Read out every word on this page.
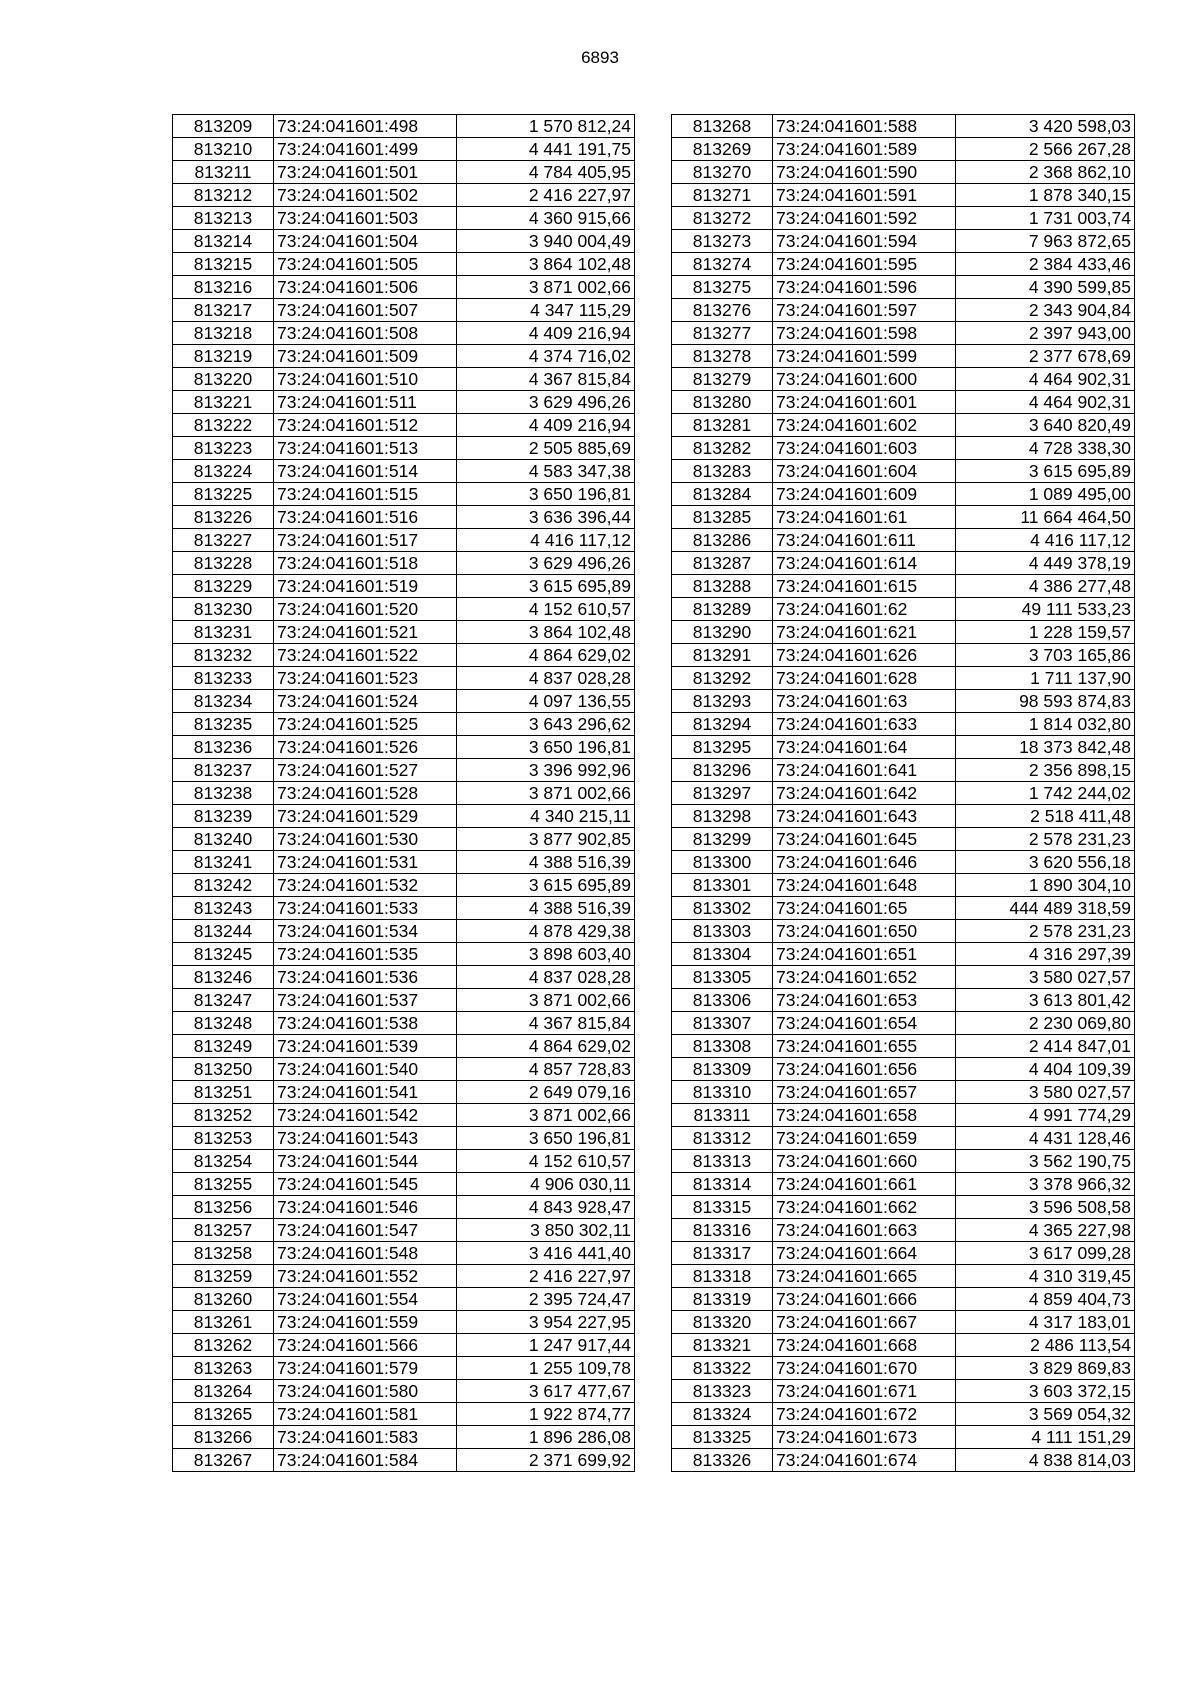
6893
813209	73:24:041601:498	1 570 812,24
813210	73:24:041601:499	4 441 191,75
813211	73:24:041601:501	4 784 405,95
813212	73:24:041601:502	2 416 227,97
813213	73:24:041601:503	4 360 915,66
813214	73:24:041601:504	3 940 004,49
813215	73:24:041601:505	3 864 102,48
813216	73:24:041601:506	3 871 002,66
813217	73:24:041601:507	4 347 115,29
813218	73:24:041601:508	4 409 216,94
813219	73:24:041601:509	4 374 716,02
813220	73:24:041601:510	4 367 815,84
813221	73:24:041601:511	3 629 496,26
813222	73:24:041601:512	4 409 216,94
813223	73:24:041601:513	2 505 885,69
813224	73:24:041601:514	4 583 347,38
813225	73:24:041601:515	3 650 196,81
813226	73:24:041601:516	3 636 396,44
813227	73:24:041601:517	4 416 117,12
813228	73:24:041601:518	3 629 496,26
813229	73:24:041601:519	3 615 695,89
813230	73:24:041601:520	4 152 610,57
813231	73:24:041601:521	3 864 102,48
813232	73:24:041601:522	4 864 629,02
813233	73:24:041601:523	4 837 028,28
813234	73:24:041601:524	4 097 136,55
813235	73:24:041601:525	3 643 296,62
813236	73:24:041601:526	3 650 196,81
813237	73:24:041601:527	3 396 992,96
813238	73:24:041601:528	3 871 002,66
813239	73:24:041601:529	4 340 215,11
813240	73:24:041601:530	3 877 902,85
813241	73:24:041601:531	4 388 516,39
813242	73:24:041601:532	3 615 695,89
813243	73:24:041601:533	4 388 516,39
813244	73:24:041601:534	4 878 429,38
813245	73:24:041601:535	3 898 603,40
813246	73:24:041601:536	4 837 028,28
813247	73:24:041601:537	3 871 002,66
813248	73:24:041601:538	4 367 815,84
813249	73:24:041601:539	4 864 629,02
813250	73:24:041601:540	4 857 728,83
813251	73:24:041601:541	2 649 079,16
813252	73:24:041601:542	3 871 002,66
813253	73:24:041601:543	3 650 196,81
813254	73:24:041601:544	4 152 610,57
813255	73:24:041601:545	4 906 030,11
813256	73:24:041601:546	4 843 928,47
813257	73:24:041601:547	3 850 302,11
813258	73:24:041601:548	3 416 441,40
813259	73:24:041601:552	2 416 227,97
813260	73:24:041601:554	2 395 724,47
813261	73:24:041601:559	3 954 227,95
813262	73:24:041601:566	1 247 917,44
813263	73:24:041601:579	1 255 109,78
813264	73:24:041601:580	3 617 477,67
813265	73:24:041601:581	1 922 874,77
813266	73:24:041601:583	1 896 286,08
813267	73:24:041601:584	2 371 699,92
813268	73:24:041601:588	3 420 598,03
813269	73:24:041601:589	2 566 267,28
813270	73:24:041601:590	2 368 862,10
813271	73:24:041601:591	1 878 340,15
813272	73:24:041601:592	1 731 003,74
813273	73:24:041601:594	7 963 872,65
813274	73:24:041601:595	2 384 433,46
813275	73:24:041601:596	4 390 599,85
813276	73:24:041601:597	2 343 904,84
813277	73:24:041601:598	2 397 943,00
813278	73:24:041601:599	2 377 678,69
813279	73:24:041601:600	4 464 902,31
813280	73:24:041601:601	4 464 902,31
813281	73:24:041601:602	3 640 820,49
813282	73:24:041601:603	4 728 338,30
813283	73:24:041601:604	3 615 695,89
813284	73:24:041601:609	1 089 495,00
813285	73:24:041601:61	11 664 464,50
813286	73:24:041601:611	4 416 117,12
813287	73:24:041601:614	4 449 378,19
813288	73:24:041601:615	4 386 277,48
813289	73:24:041601:62	49 111 533,23
813290	73:24:041601:621	1 228 159,57
813291	73:24:041601:626	3 703 165,86
813292	73:24:041601:628	1 711 137,90
813293	73:24:041601:63	98 593 874,83
813294	73:24:041601:633	1 814 032,80
813295	73:24:041601:64	18 373 842,48
813296	73:24:041601:641	2 356 898,15
813297	73:24:041601:642	1 742 244,02
813298	73:24:041601:643	2 518 411,48
813299	73:24:041601:645	2 578 231,23
813300	73:24:041601:646	3 620 556,18
813301	73:24:041601:648	1 890 304,10
813302	73:24:041601:65	444 489 318,59
813303	73:24:041601:650	2 578 231,23
813304	73:24:041601:651	4 316 297,39
813305	73:24:041601:652	3 580 027,57
813306	73:24:041601:653	3 613 801,42
813307	73:24:041601:654	2 230 069,80
813308	73:24:041601:655	2 414 847,01
813309	73:24:041601:656	4 404 109,39
813310	73:24:041601:657	3 580 027,57
813311	73:24:041601:658	4 991 774,29
813312	73:24:041601:659	4 431 128,46
813313	73:24:041601:660	3 562 190,75
813314	73:24:041601:661	3 378 966,32
813315	73:24:041601:662	3 596 508,58
813316	73:24:041601:663	4 365 227,98
813317	73:24:041601:664	3 617 099,28
813318	73:24:041601:665	4 310 319,45
813319	73:24:041601:666	4 859 404,73
813320	73:24:041601:667	4 317 183,01
813321	73:24:041601:668	2 486 113,54
813322	73:24:041601:670	3 829 869,83
813323	73:24:041601:671	3 603 372,15
813324	73:24:041601:672	3 569 054,32
813325	73:24:041601:673	4 111 151,29
813326	73:24:041601:674	4 838 814,03
